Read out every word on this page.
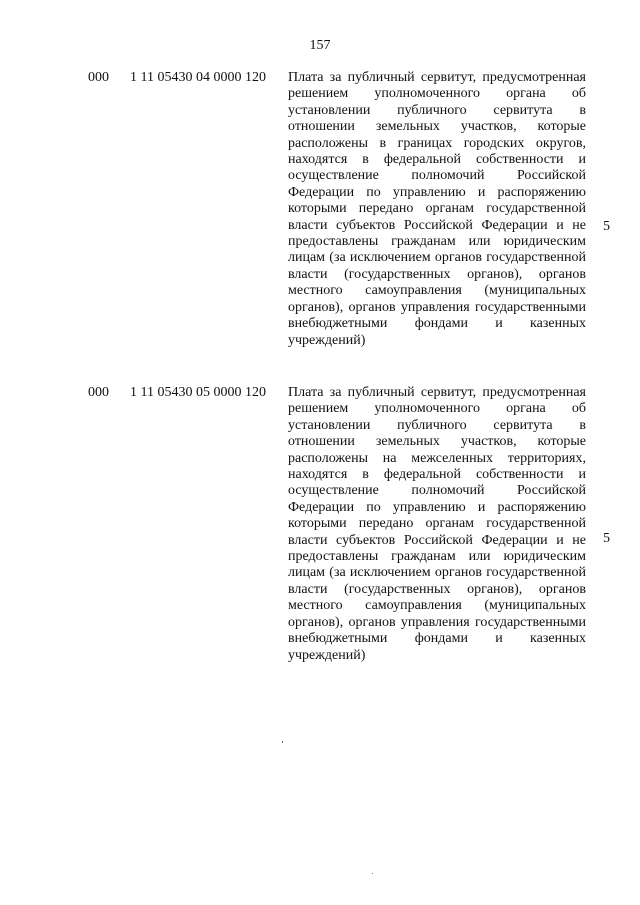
157
000 1 11 05430 04 0000 120 Плата за публичный сервитут, предусмотренная решением уполномоченного органа об установлении публичного сервитута в отношении земельных участков, которые расположены в границах городских округов, находятся в федеральной собственности и осуществление полномочий Российской Федерации по управлению и распоряжению которыми передано органам государственной власти субъектов Российской Федерации и не предоставлены гражданам или юридическим лицам (за исключением органов государственной власти (государственных органов), органов местного самоуправления (муниципальных органов), органов управления государственными внебюджетными фондами и казенных учреждений)
5
000 1 11 05430 05 0000 120 Плата за публичный сервитут, предусмотренная решением уполномоченного органа об установлении публичного сервитута в отношении земельных участков, которые расположены на межселенных территориях, находятся в федеральной собственности и осуществление полномочий Российской Федерации по управлению и распоряжению которыми передано органам государственной власти субъектов Российской Федерации и не предоставлены гражданам или юридическим лицам (за исключением органов государственной власти (государственных органов), органов местного самоуправления (муниципальных органов), органов управления государственными внебюджетными фондами и казенных учреждений)
5
